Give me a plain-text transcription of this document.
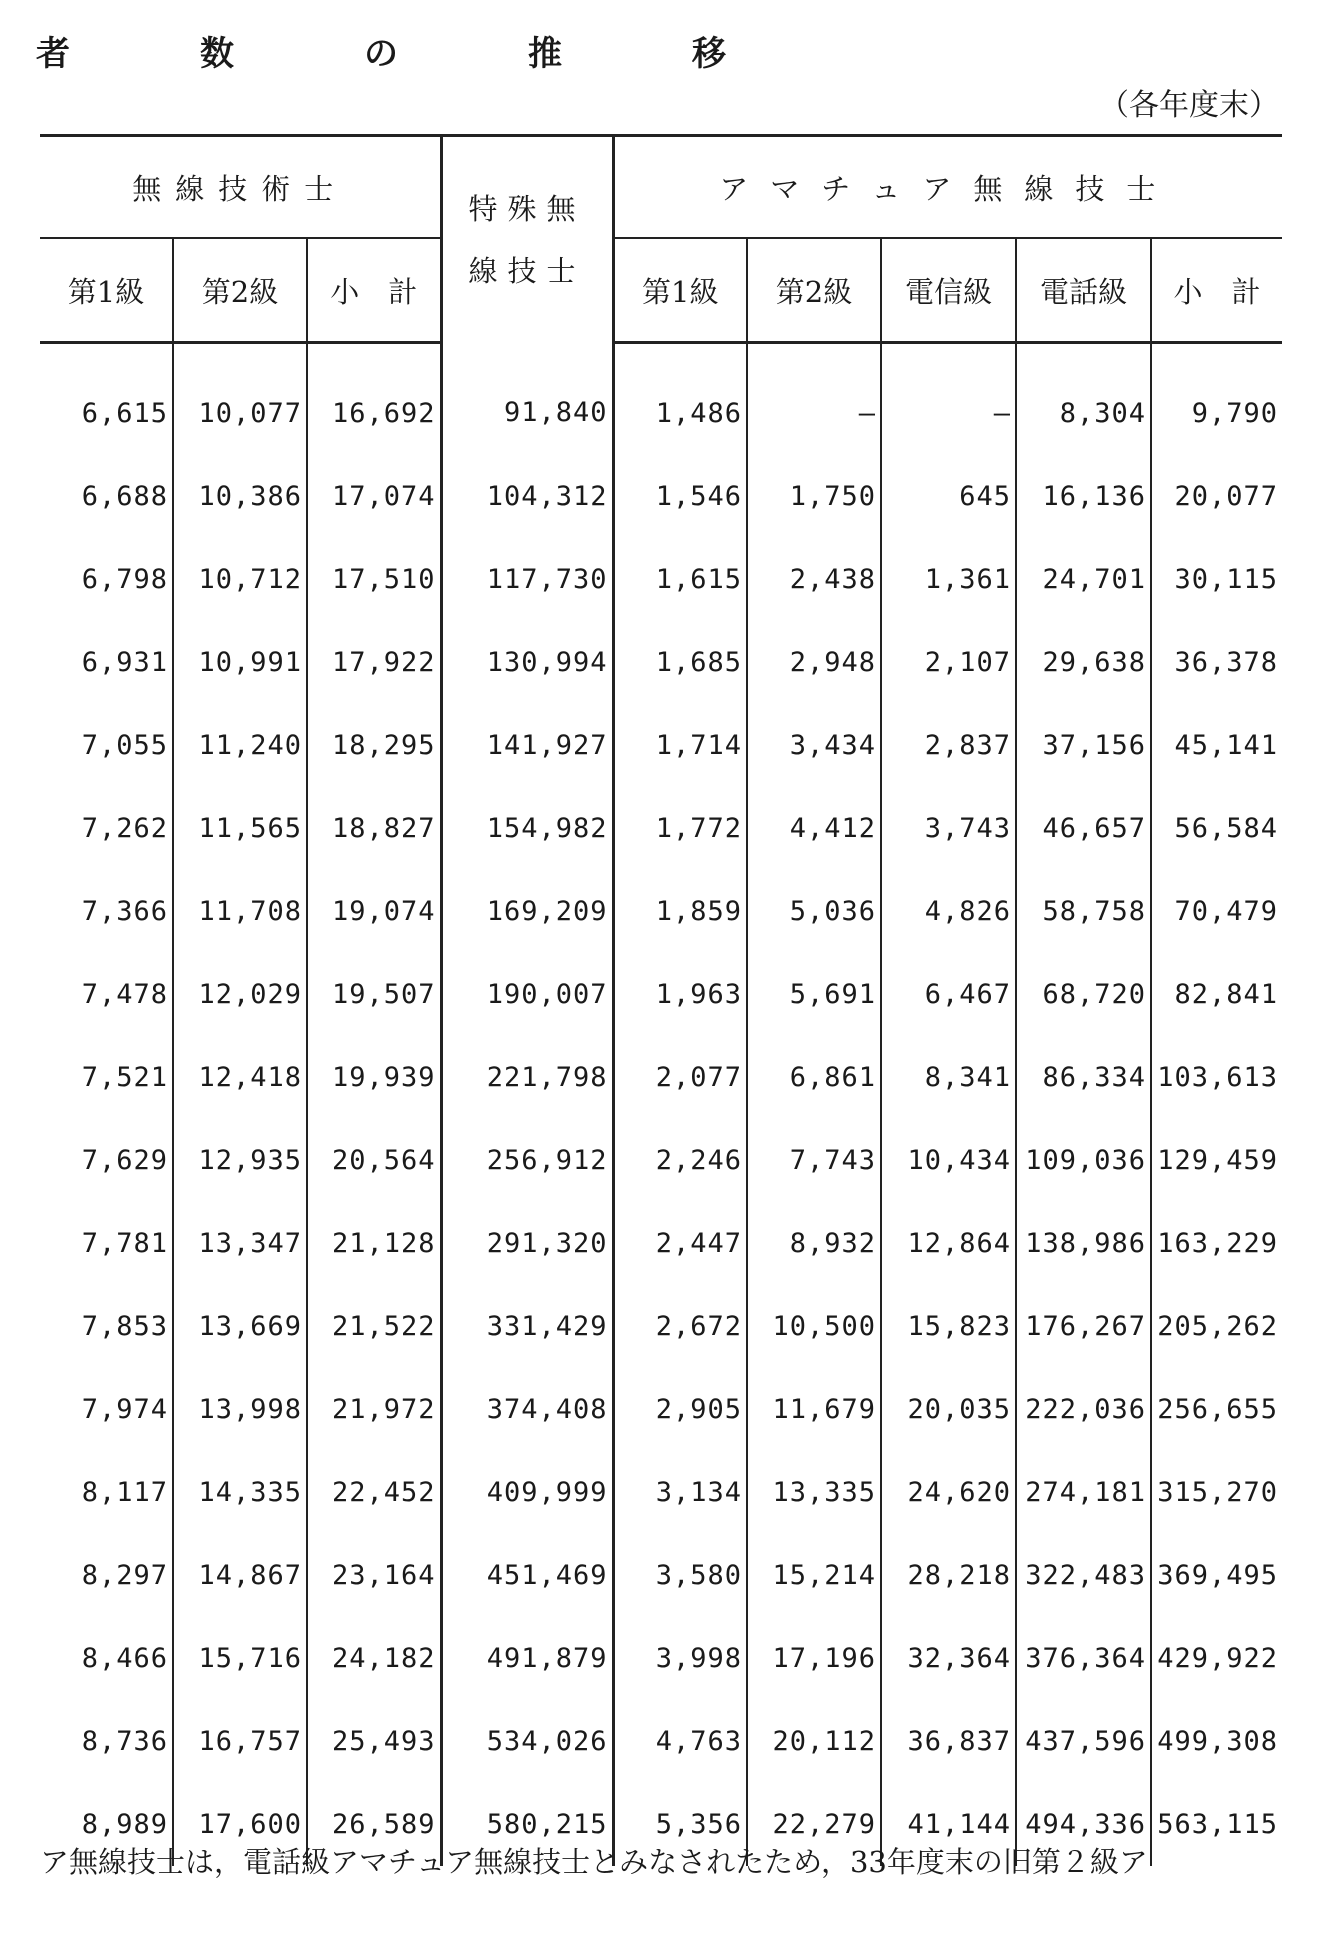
者　数　の　推　移
（各年度末）
無線技術士			特殊無
線技士	アマチュア無線技士				
第1級	第2級	小　計		第1級	第2級	電信級	電話級	小　計
6,615	10,077	16,692	91,840	1,486	—	—	8,304	9,790
6,688	10,386	17,074	104,312	1,546	1,750	645	16,136	20,077
6,798	10,712	17,510	117,730	1,615	2,438	1,361	24,701	30,115
6,931	10,991	17,922	130,994	1,685	2,948	2,107	29,638	36,378
7,055	11,240	18,295	141,927	1,714	3,434	2,837	37,156	45,141
7,262	11,565	18,827	154,982	1,772	4,412	3,743	46,657	56,584
7,366	11,708	19,074	169,209	1,859	5,036	4,826	58,758	70,479
7,478	12,029	19,507	190,007	1,963	5,691	6,467	68,720	82,841
7,521	12,418	19,939	221,798	2,077	6,861	8,341	86,334	103,613
7,629	12,935	20,564	256,912	2,246	7,743	10,434	109,036	129,459
7,781	13,347	21,128	291,320	2,447	8,932	12,864	138,986	163,229
7,853	13,669	21,522	331,429	2,672	10,500	15,823	176,267	205,262
7,974	13,998	21,972	374,408	2,905	11,679	20,035	222,036	256,655
8,117	14,335	22,452	409,999	3,134	13,335	24,620	274,181	315,270
8,297	14,867	23,164	451,469	3,580	15,214	28,218	322,483	369,495
8,466	15,716	24,182	491,879	3,998	17,196	32,364	376,364	429,922
8,736	16,757	25,493	534,026	4,763	20,112	36,837	437,596	499,308
8,989	17,600	26,589	580,215	5,356	22,279	41,144	494,336	563,115
ア無線技士は，電話級アマチュア無線技士とみなされたため，33年度末の旧第２級ア
